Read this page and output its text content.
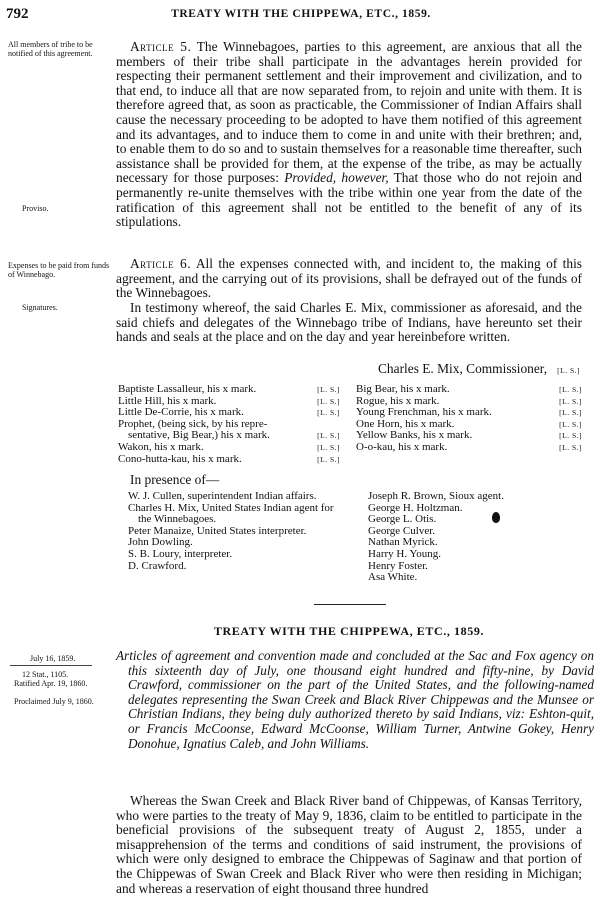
792	TREATY WITH THE CHIPPEWA, ETC., 1859.
All members of tribe to be notified of this agreement.
Proviso.
Expenses to be paid from funds of Winnebago.
Signatures.

Article 5. The Winnebagoes, parties to this agreement, are anxious that all the members of their tribe shall participate in the advantages herein provided for respecting their permanent settlement and their improvement and civilization, and to that end, to induce all that are now separated from, to rejoin and unite with them. It is therefore agreed that, as soon as practicable, the Commissioner of Indian Affairs shall cause the necessary proceeding to be adopted to have them notified of this agreement and its advantages, and to induce them to come in and unite with their brethren; and, to enable them to do so and to sustain themselves for a reasonable time thereafter, such assistance shall be provided for them, at the expense of the tribe, as may be actually necessary for those purposes: Provided, however, That those who do not rejoin and permanently re-unite themselves with the tribe within one year from the date of the ratification of this agreement shall not be entitled to the benefit of any of its stipulations.

Article 6. All the expenses connected with, and incident to, the making of this agreement, and the carrying out of its provisions, shall be defrayed out of the funds of the Winnebagoes.

In testimony whereof, the said Charles E. Mix, commissioner as aforesaid, and the said chiefs and delegates of the Winnebago tribe of Indians, have hereunto set their hands and seals at the place and on the day and year hereinbefore written.

Charles E. Mix, Commissioner, [L. S.]
Baptiste Lassalleur, his x mark.	[L. S.]
Little Hill, his x mark.	[L. S.]
Little De-Corrie, his x mark.	[L. S.]
Prophet, (being sick, by his repre-
sentative, Big Bear,) his x mark.	[L. S.]
Wakon, his x mark.	[L. S.]
Cono-hutta-kau, his x mark.	[L. S.]
Big Bear, his x mark.	[L. S.]
Rogue, his x mark.	[L. S.]
Young Frenchman, his x mark.	[L. S.]
One Horn, his x mark.	[L. S.]
Yellow Banks, his x mark.	[L. S.]
O-o-kau, his x mark.	[L. S.]
In presence of—
W. J. Cullen, superintendent Indian affairs.
Charles H. Mix, United States Indian agent for the Winnebagoes.
Peter Manaize, United States interpreter.
John Dowling.
S. B. Loury, interpreter.
D. Crawford.
Joseph R. Brown, Sioux agent.
George H. Holtzman.
George L. Otis.
George Culver.
Nathan Myrick.
Harry H. Young.
Henry Foster.
Asa White.
TREATY WITH THE CHIPPEWA, ETC., 1859.
July 16, 1859.
12 Stat., 1105.
Ratified Apr. 19, 1860.
Proclaimed July 9, 1860.

Articles of agreement and convention made and concluded at the Sac and Fox agency on this sixteenth day of July, one thousand eight hundred and fifty-nine, by David Crawford, commissioner on the part of the United States, and the following-named delegates representing the Swan Creek and Black River Chippewas and the Munsee or Christian Indians, they being duly authorized thereto by said Indians, viz: Eshton-quit, or Francis McCoonse, Edward McCoonse, William Turner, Antwine Gokey, Henry Donohue, Ignatius Caleb, and John Williams.

Whereas the Swan Creek and Black River band of Chippewas, of Kansas Territory, who were parties to the treaty of May 9, 1836, claim to be entitled to participate in the beneficial provisions of the subsequent treaty of August 2, 1855, under a misapprehension of the terms and conditions of said instrument, the provisions of which were only designed to embrace the Chippewas of Saginaw and that portion of the Chippewas of Swan Creek and Black River who were then residing in Michigan; and whereas a reservation of eight thousand three hundred
